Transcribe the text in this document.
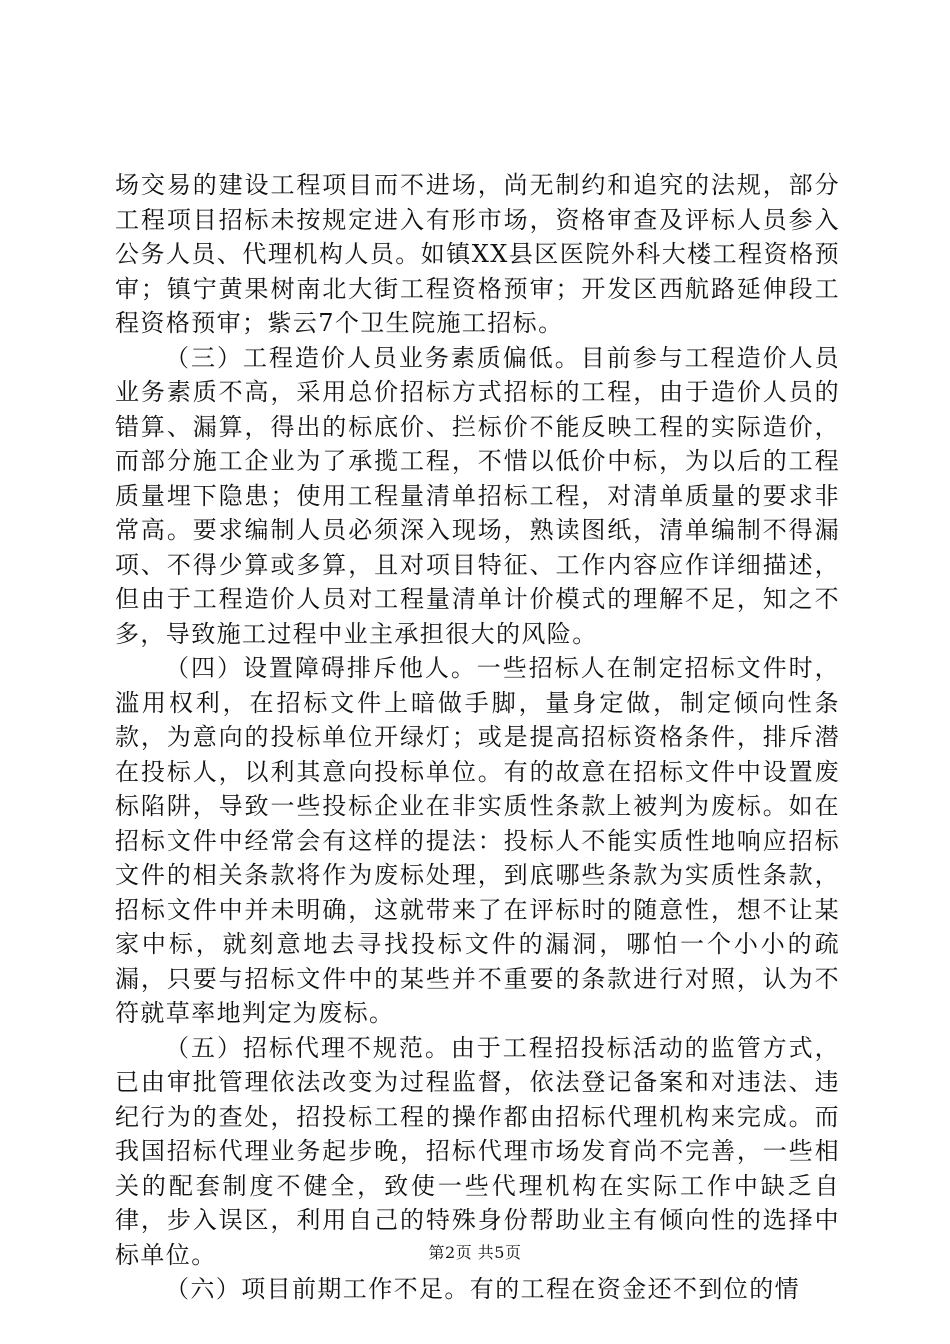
场交易的建设工程项目而不进场，尚无制约和追究的法规，部分工程项目招标未按规定进入有形市场，资格审查及评标人员参入公务人员、代理机构人员。如镇XX县区医院外科大楼工程资格预审；镇宁黄果树南北大街工程资格预审；开发区西航路延伸段工程资格预审；紫云7个卫生院施工招标。

（三）工程造价人员业务素质偏低。目前参与工程造价人员业务素质不高，采用总价招标方式招标的工程，由于造价人员的错算、漏算，得出的标底价、拦标价不能反映工程的实际造价，而部分施工企业为了承揽工程，不惜以低价中标，为以后的工程质量埋下隐患；使用工程量清单招标工程，对清单质量的要求非常高。要求编制人员必须深入现场，熟读图纸，清单编制不得漏项、不得少算或多算，且对项目特征、工作内容应作详细描述，但由于工程造价人员对工程量清单计价模式的理解不足，知之不多，导致施工过程中业主承担很大的风险。

（四）设置障碍排斥他人。一些招标人在制定招标文件时，滥用权利，在招标文件上暗做手脚，量身定做，制定倾向性条款，为意向的投标单位开绿灯；或是提高招标资格条件，排斥潜在投标人，以利其意向投标单位。有的故意在招标文件中设置废标陷阱，导致一些投标企业在非实质性条款上被判为废标。如在招标文件中经常会有这样的提法：投标人不能实质性地响应招标文件的相关条款将作为废标处理，到底哪些条款为实质性条款，招标文件中并未明确，这就带来了在评标时的随意性，想不让某家中标，就刻意地去寻找投标文件的漏洞，哪怕一个小小的疏漏，只要与招标文件中的某些并不重要的条款进行对照，认为不符就草率地判定为废标。

（五）招标代理不规范。由于工程招投标活动的监管方式，已由审批管理依法改变为过程监督，依法登记备案和对违法、违纪行为的查处，招投标工程的操作都由招标代理机构来完成。而我国招标代理业务起步晚，招标代理市场发育尚不完善，一些相关的配套制度不健全，致使一些代理机构在实际工作中缺乏自律，步入误区，利用自己的特殊身份帮助业主有倾向性的选择中标单位。

（六）项目前期工作不足。有的工程在资金还不到位的情

第2页 共5页
